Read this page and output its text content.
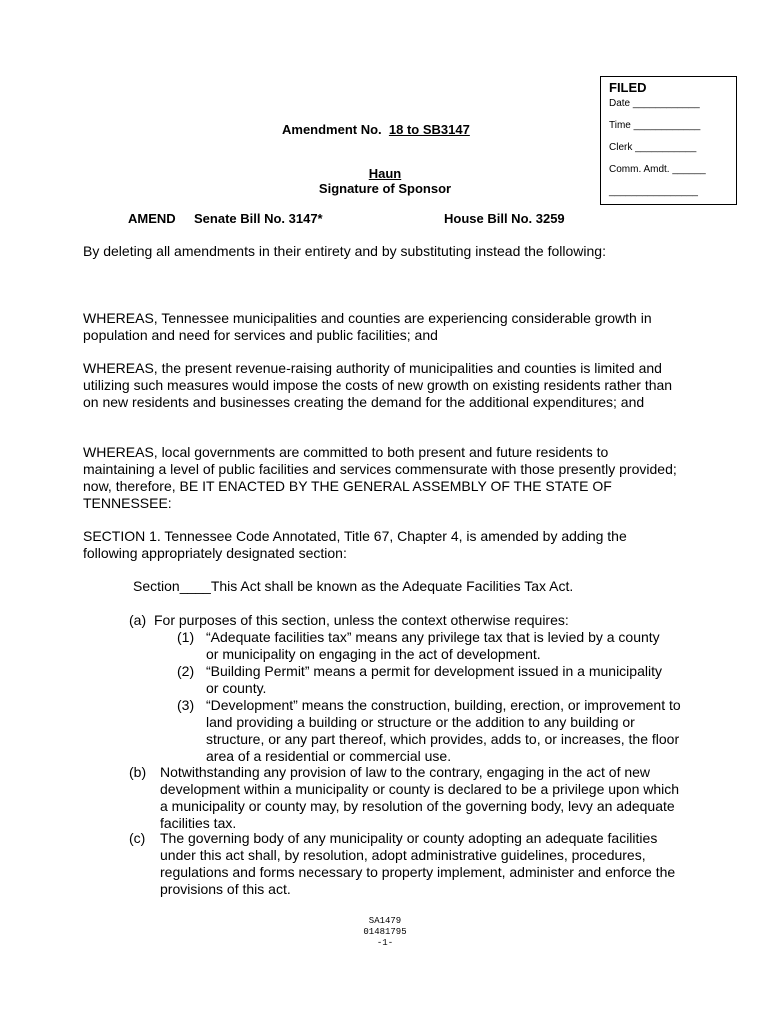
FILED
Date ____________
Time ____________
Clerk ___________
Comm. Amdt. ______
________________
Amendment No. 18 to SB3147
Haun
Signature of Sponsor
AMEND Senate Bill No. 3147*	House Bill No. 3259

By deleting all amendments in their entirety and by substituting instead the following:

WHEREAS, Tennessee municipalities and counties are experiencing considerable growth in population and need for services and public facilities; and

WHEREAS, the present revenue-raising authority of municipalities and counties is limited and utilizing such measures would impose the costs of new growth on existing residents rather than on new residents and businesses creating the demand for the additional expenditures; and

WHEREAS, local governments are committed to both present and future residents to maintaining a level of public facilities and services commensurate with those presently provided; now, therefore, BE IT ENACTED BY THE GENERAL ASSEMBLY OF THE STATE OF TENNESSEE:

SECTION 1. Tennessee Code Annotated, Title 67, Chapter 4, is amended by adding the following appropriately designated section:

Section____This Act shall be known as the Adequate Facilities Tax Act.

(a) For purposes of this section, unless the context otherwise requires:
(1) “Adequate facilities tax” means any privilege tax that is levied by a county or municipality on engaging in the act of development.
(2) “Building Permit” means a permit for development issued in a municipality or county.
(3) “Development” means the construction, building, erection, or improvement to land providing a building or structure or the addition to any building or structure, or any part thereof, which provides, adds to, or increases, the floor area of a residential or commercial use.
(b) Notwithstanding any provision of law to the contrary, engaging in the act of new development within a municipality or county is declared to be a privilege upon which a municipality or county may, by resolution of the governing body, levy an adequate facilities tax.
(c) The governing body of any municipality or county adopting an adequate facilities under this act shall, by resolution, adopt administrative guidelines, procedures, regulations and forms necessary to property implement, administer and enforce the provisions of this act.
SA1479
01481795
-1-
